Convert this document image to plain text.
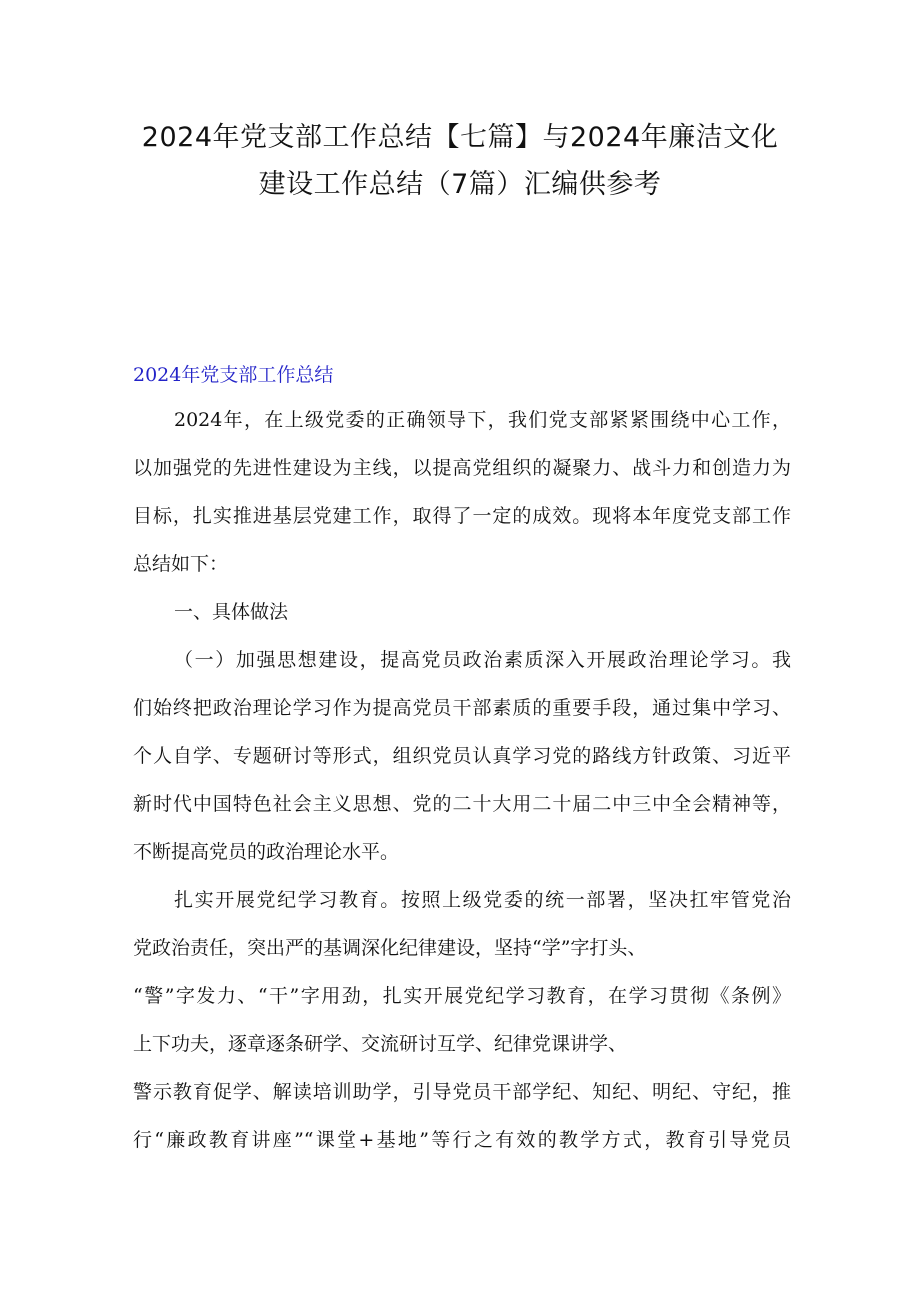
2024年党支部工作总结【七篇】与2024年廉洁文化
建设工作总结（7篇）汇编供参考
2024年党支部工作总结
2024年，在上级党委的正确领导下，我们党支部紧紧围绕中心工作，
以加强党的先进性建设为主线，以提高党组织的凝聚力、战斗力和创造力为
目标，扎实推进基层党建工作，取得了一定的成效。现将本年度党支部工作
总结如下：
一、具体做法
（一）加强思想建设，提高党员政治素质深入开展政治理论学习。我
们始终把政治理论学习作为提高党员干部素质的重要手段，通过集中学习、
个人自学、专题研讨等形式，组织党员认真学习党的路线方针政策、习近平
新时代中国特色社会主义思想、党的二十大用二十届二中三中全会精神等，
不断提高党员的政治理论水平。
扎实开展党纪学习教育。按照上级党委的统一部署，坚决扛牢管党治
党政治责任，突出严的基调深化纪律建设，坚持“学”字打头、
“警”字发力、“干”字用劲，扎实开展党纪学习教育，在学习贯彻《条例》
上下功夫，逐章逐条研学、交流研讨互学、纪律党课讲学、
警示教育促学、解读培训助学，引导党员干部学纪、知纪、明纪、守纪，推
行“廉政教育讲座”“课堂+基地”等行之有效的教学方式，教育引导党员
